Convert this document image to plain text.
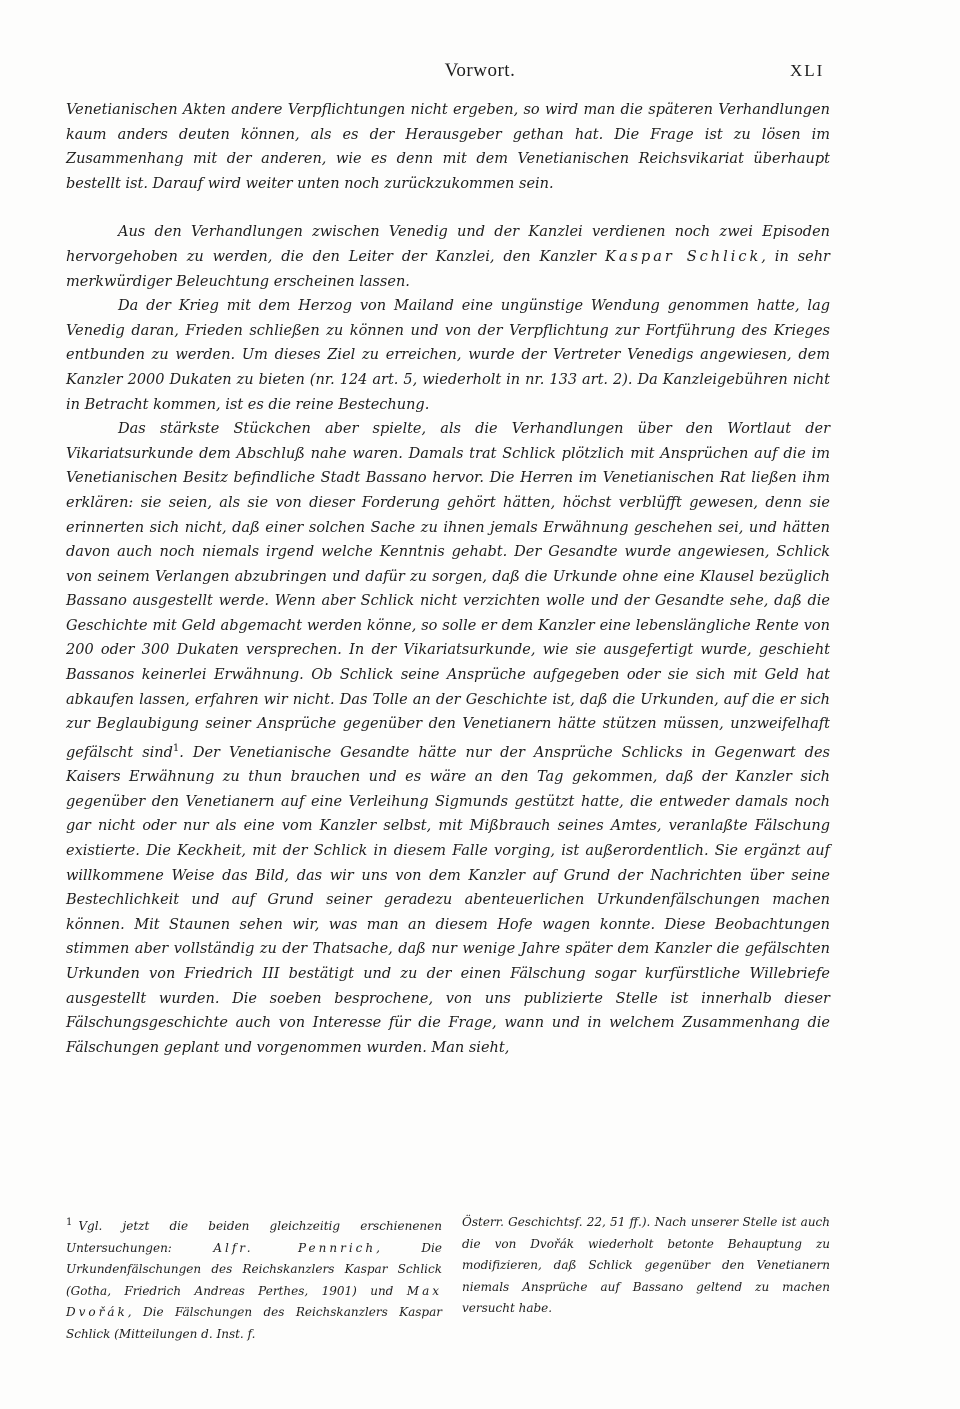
Vorwort.	XLI

Venetianischen Akten andere Verpflichtungen nicht ergeben, so wird man die späteren Verhandlungen kaum anders deuten können, als es der Herausgeber gethan hat. Die Frage ist zu lösen im Zusammenhang mit der anderen, wie es denn mit dem Venetianischen Reichsvikariat überhaupt bestellt ist. Darauf wird weiter unten noch zurückzukommen sein.

Aus den Verhandlungen zwischen Venedig und der Kanzlei verdienen noch zwei Episoden hervorgehoben zu werden, die den Leiter der Kanzlei, den Kanzler Kaspar Schlick, in sehr merkwürdiger Beleuchtung erscheinen lassen.

Da der Krieg mit dem Herzog von Mailand eine ungünstige Wendung genommen hatte, lag Venedig daran, Frieden schließen zu können und von der Verpflichtung zur Fortführung des Krieges entbunden zu werden. Um dieses Ziel zu erreichen, wurde der Vertreter Venedigs angewiesen, dem Kanzler 2000 Dukaten zu bieten (nr. 124 art. 5, wiederholt in nr. 133 art. 2). Da Kanzleigebühren nicht in Betracht kommen, ist es die reine Bestechung.

Das stärkste Stückchen aber spielte, als die Verhandlungen über den Wortlaut der Vikariatsurkunde dem Abschluß nahe waren. Damals trat Schlick plötzlich mit Ansprüchen auf die im Venetianischen Besitz befindliche Stadt Bassano hervor. Die Herren im Venetianischen Rat ließen ihm erklären: sie seien, als sie von dieser Forderung gehört hätten, höchst verblüfft gewesen, denn sie erinnerten sich nicht, daß einer solchen Sache zu ihnen jemals Erwähnung geschehen sei, und hätten davon auch noch niemals irgend welche Kenntnis gehabt. Der Gesandte wurde angewiesen, Schlick von seinem Verlangen abzubringen und dafür zu sorgen, daß die Urkunde ohne eine Klausel bezüglich Bassano ausgestellt werde. Wenn aber Schlick nicht verzichten wolle und der Gesandte sehe, daß die Geschichte mit Geld abgemacht werden könne, so solle er dem Kanzler eine lebenslängliche Rente von 200 oder 300 Dukaten versprechen. In der Vikariatsurkunde, wie sie ausgefertigt wurde, geschieht Bassanos keinerlei Erwähnung. Ob Schlick seine Ansprüche aufgegeben oder sie sich mit Geld hat abkaufen lassen, erfahren wir nicht. Das Tolle an der Geschichte ist, daß die Urkunden, auf die er sich zur Beglaubigung seiner Ansprüche gegenüber den Venetianern hätte stützen müssen, unzweifelhaft gefälscht sind$^1$. Der Venetianische Gesandte hätte nur der Ansprüche Schlicks in Gegenwart des Kaisers Erwähnung zu thun brauchen und es wäre an den Tag gekommen, daß der Kanzler sich gegenüber den Venetianern auf eine Verleihung Sigmunds gestützt hatte, die entweder damals noch gar nicht oder nur als eine vom Kanzler selbst, mit Mißbrauch seines Amtes, veranlaßte Fälschung existierte. Die Keckheit, mit der Schlick in diesem Falle vorging, ist außerordentlich. Sie ergänzt auf willkommene Weise das Bild, das wir uns von dem Kanzler auf Grund der Nachrichten über seine Bestechlichkeit und auf Grund seiner geradezu abenteuerlichen Urkundenfälschungen machen können. Mit Staunen sehen wir, was man an diesem Hofe wagen konnte. Diese Beobachtungen stimmen aber vollständig zu der Thatsache, daß nur wenige Jahre später dem Kanzler die gefälschten Urkunden von Friedrich III bestätigt und zu der einen Fälschung sogar kurfürstliche Willebriefe ausgestellt wurden. Die soeben besprochene, von uns publizierte Stelle ist innerhalb dieser Fälschungsgeschichte auch von Interesse für die Frage, wann und in welchem Zusammenhang die Fälschungen geplant und vorgenommen wurden. Man sieht,

$^1$ Vgl. jetzt die beiden gleichzeitig erschienenen Untersuchungen: Alfr. Pennrich, Die Urkundenfälschungen des Reichskanzlers Kaspar Schlick (Gotha, Friedrich Andreas Perthes, 1901) und Max Dvořák, Die Fälschungen des Reichskanzlers Kaspar Schlick (Mitteilungen d. Inst. f.
Österr. Geschichtsf. 22, 51 ff.). Nach unserer Stelle ist auch die von Dvořák wiederholt betonte Behauptung zu modifizieren, daß Schlick gegenüber den Venetianern niemals Ansprüche auf Bassano geltend zu machen versucht habe.
